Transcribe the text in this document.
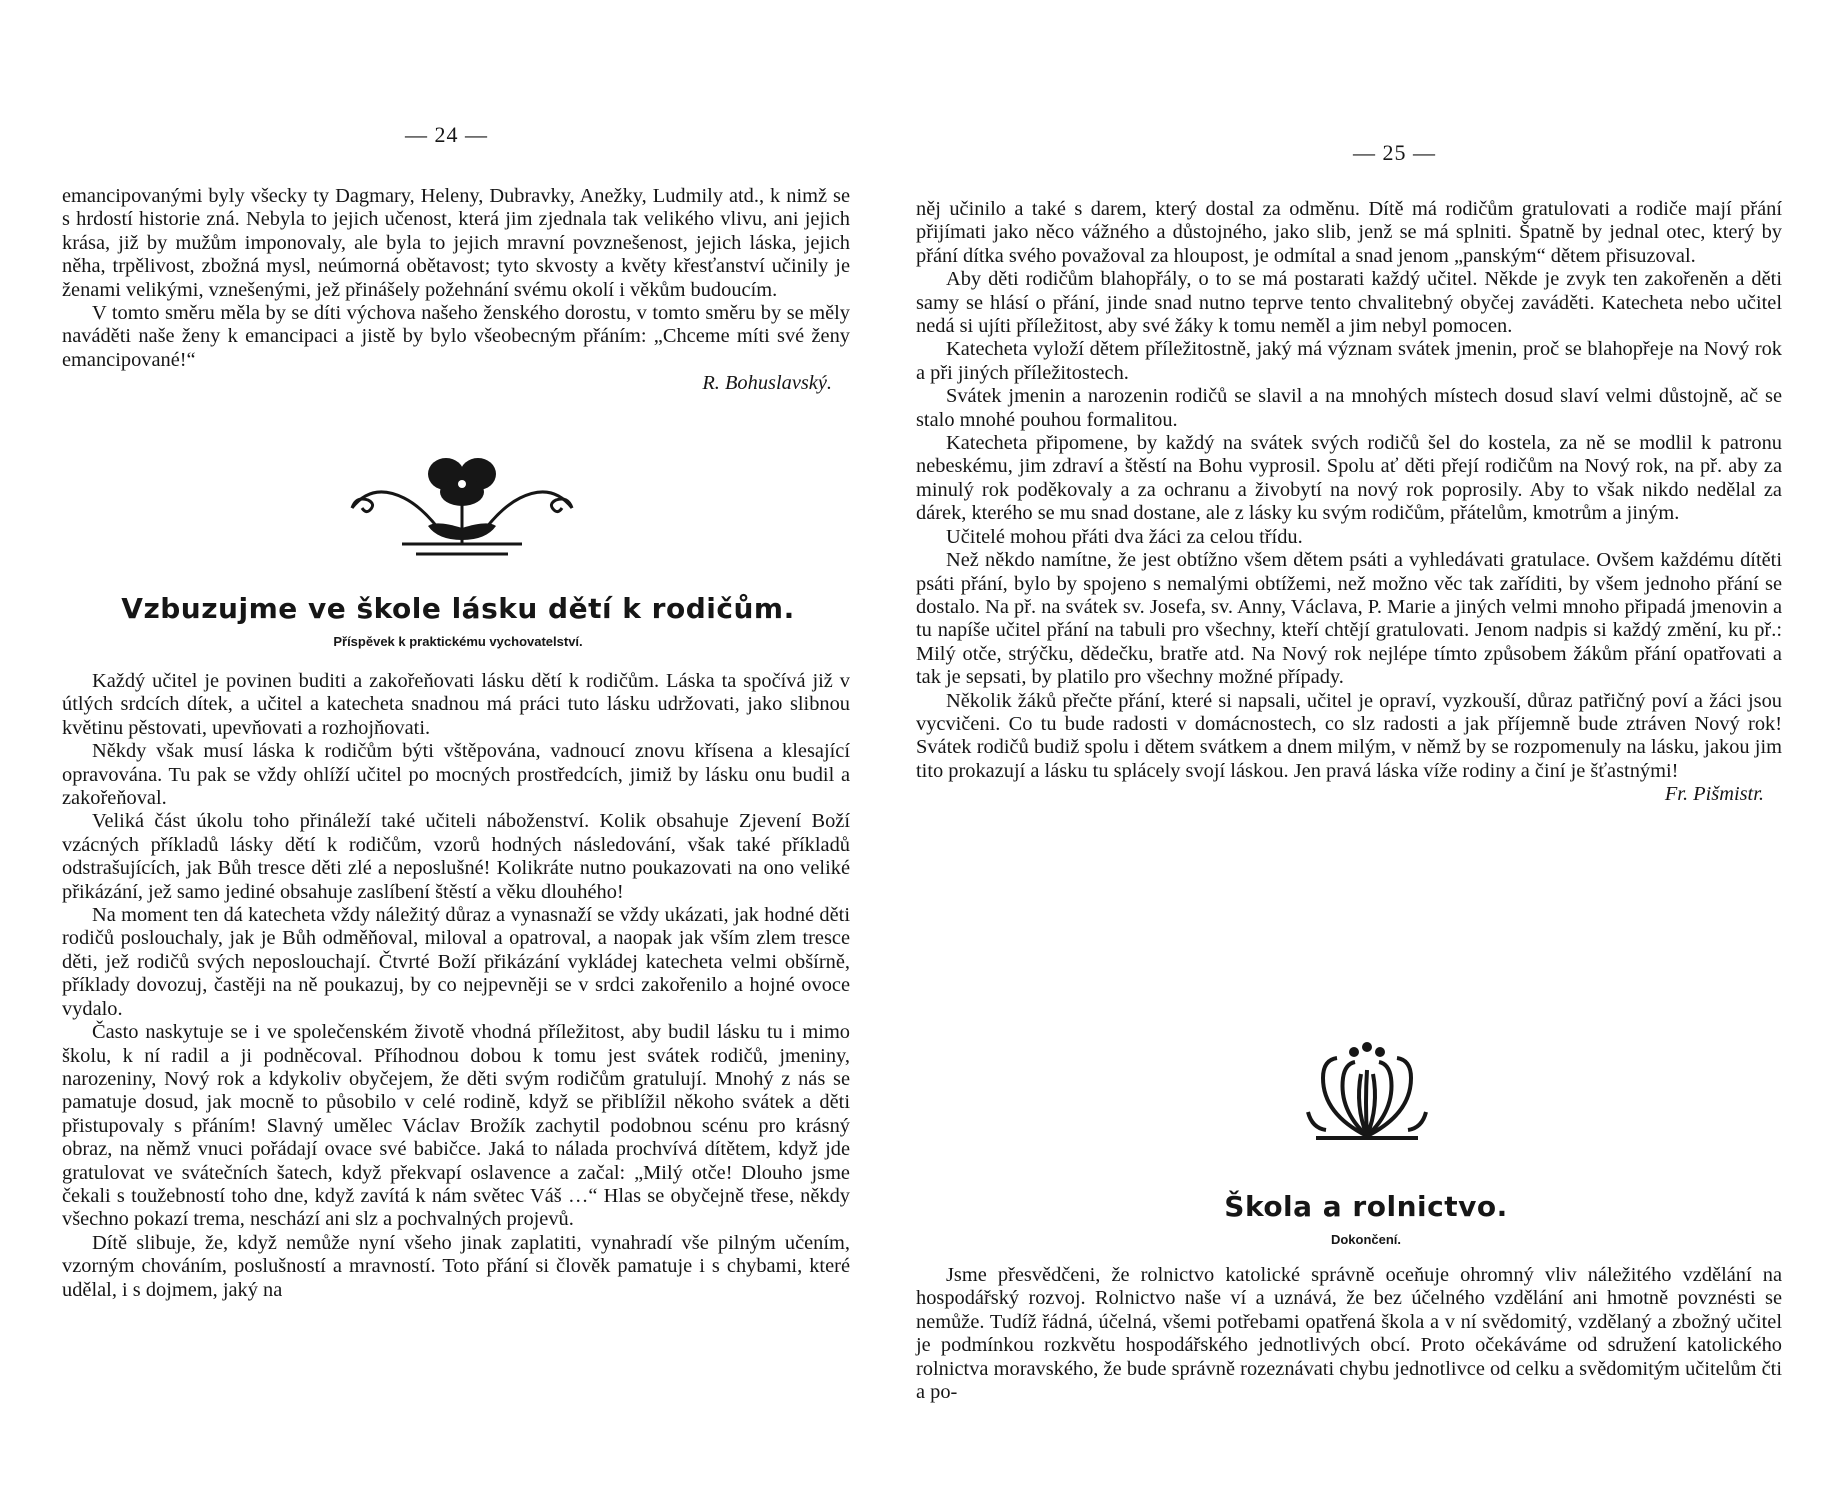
— 24 —

emancipovanými byly všecky ty Dagmary, Heleny, Dubravky, Anežky, Ludmily atd., k nimž se s hrdostí historie zná. Nebyla to jejich učenost, která jim zjednala tak velikého vlivu, ani jejich krása, již by mužům imponovaly, ale byla to jejich mravní povznešenost, jejich láska, jejich něha, trpělivost, zbožná mysl, neúmorná obětavost; tyto skvosty a květy křesťanství učinily je ženami velikými, vznešenými, jež přinášely požehnání svému okolí i věkům budoucím.

V tomto směru měla by se díti výchova našeho ženského dorostu, v tomto směru by se měly naváděti naše ženy k emancipaci a jistě by bylo všeobecným přáním: „Chceme míti své ženy emancipované!“

R. Bohuslavský.

Vzbuzujme ve škole lásku dětí k rodičům.
Příspěvek k praktickému vychovatelství.

Každý učitel je povinen buditi a zakořeňovati lásku dětí k rodičům. Láska ta spočívá již v útlých srdcích dítek, a učitel a katecheta snadnou má práci tuto lásku udržovati, jako slibnou květinu pěstovati, upevňovati a rozhojňovati.

Někdy však musí láska k rodičům býti vštěpována, vadnoucí znovu křísena a klesající opravována. Tu pak se vždy ohlíží učitel po mocných prostředcích, jimiž by lásku onu budil a zakořeňoval.

Veliká část úkolu toho přináleží také učiteli náboženství. Kolik obsahuje Zjevení Boží vzácných příkladů lásky dětí k rodičům, vzorů hodných následování, však také příkladů odstrašujících, jak Bůh tresce děti zlé a neposlušné! Kolikráte nutno poukazovati na ono veliké přikázání, jež samo jediné obsahuje zaslíbení štěstí a věku dlouhého!

Na moment ten dá katecheta vždy náležitý důraz a vynasnaží se vždy ukázati, jak hodné děti rodičů poslouchaly, jak je Bůh odměňoval, miloval a opatroval, a naopak jak vším zlem tresce děti, jež rodičů svých neposlouchají. Čtvrté Boží přikázání vykládej katecheta velmi obšírně, příklady dovozuj, častěji na ně poukazuj, by co nejpevněji se v srdci zakořenilo a hojné ovoce vydalo.

Často naskytuje se i ve společenském životě vhodná příležitost, aby budil lásku tu i mimo školu, k ní radil a ji podněcoval. Příhodnou dobou k tomu jest svátek rodičů, jmeniny, narozeniny, Nový rok a kdykoliv obyčejem, že děti svým rodičům gratulují. Mnohý z nás se pamatuje dosud, jak mocně to působilo v celé rodině, když se přiblížil někoho svátek a děti přistupovaly s přáním! Slavný umělec Václav Brožík zachytil podobnou scénu pro krásný obraz, na němž vnuci pořádají ovace své babičce. Jaká to nálada prochvívá dítětem, když jde gratulovat ve svátečních šatech, když překvapí oslavence a začal: „Milý otče! Dlouho jsme čekali s toužebností toho dne, když zavítá k nám světec Váš …“ Hlas se obyčejně třese, někdy všechno pokazí trema, neschází ani slz a pochvalných projevů.

Dítě slibuje, že, když nemůže nyní všeho jinak zaplatiti, vynahradí vše pilným učením, vzorným chováním, poslušností a mravností. Toto přání si člověk pamatuje i s chybami, které udělal, i s dojmem, jaký na

— 25 —

něj učinilo a také s darem, který dostal za odměnu. Dítě má rodičům gratulovati a rodiče mají přání přijímati jako něco vážného a důstojného, jako slib, jenž se má splniti. Špatně by jednal otec, který by přání dítka svého považoval za hloupost, je odmítal a snad jenom „panským“ dětem přisuzoval.

Aby děti rodičům blahopřály, o to se má postarati každý učitel. Někde je zvyk ten zakořeněn a děti samy se hlásí o přání, jinde snad nutno teprve tento chvalitebný obyčej zaváděti. Katecheta nebo učitel nedá si ujíti příležitost, aby své žáky k tomu neměl a jim nebyl pomocen.

Katecheta vyloží dětem příležitostně, jaký má význam svátek jmenin, proč se blahopřeje na Nový rok a při jiných příležitostech.

Svátek jmenin a narozenin rodičů se slavil a na mnohých místech dosud slaví velmi důstojně, ač se stalo mnohé pouhou formalitou.

Katecheta připomene, by každý na svátek svých rodičů šel do kostela, za ně se modlil k patronu nebeskému, jim zdraví a štěstí na Bohu vyprosil. Spolu ať děti přejí rodičům na Nový rok, na př. aby za minulý rok poděkovaly a za ochranu a živobytí na nový rok poprosily. Aby to však nikdo nedělal za dárek, kterého se mu snad dostane, ale z lásky ku svým rodičům, přátelům, kmotrům a jiným.

Učitelé mohou přáti dva žáci za celou třídu.

Než někdo namítne, že jest obtížno všem dětem psáti a vyhledávati gratulace. Ovšem každému dítěti psáti přání, bylo by spojeno s nemalými obtížemi, než možno věc tak zaříditi, by všem jednoho přání se dostalo. Na př. na svátek sv. Josefa, sv. Anny, Václava, P. Marie a jiných velmi mnoho připadá jmenovin a tu napíše učitel přání na tabuli pro všechny, kteří chtějí gratulovati. Jenom nadpis si každý změní, ku př.: Milý otče, strýčku, dědečku, bratře atd. Na Nový rok nejlépe tímto způsobem žákům přání opatřovati a tak je sepsati, by platilo pro všechny možné případy.

Několik žáků přečte přání, které si napsali, učitel je opraví, vyzkouší, důraz patřičný poví a žáci jsou vycvičeni. Co tu bude radosti v domácnostech, co slz radosti a jak příjemně bude ztráven Nový rok! Svátek rodičů budiž spolu i dětem svátkem a dnem milým, v němž by se rozpomenuly na lásku, jakou jim tito prokazují a lásku tu splácely svojí láskou. Jen pravá láska víže rodiny a činí je šťastnými!

Fr. Pišmistr.

Škola a rolnictvo.
Dokončení.

Jsme přesvědčeni, že rolnictvo katolické správně oceňuje ohromný vliv náležitého vzdělání na hospodářský rozvoj. Rolnictvo naše ví a uznává, že bez účelného vzdělání ani hmotně povznésti se nemůže. Tudíž řádná, účelná, všemi potřebami opatřená škola a v ní svědomitý, vzdělaný a zbožný učitel je podmínkou rozkvětu hospodářského jednotlivých obcí. Proto očekáváme od sdružení katolického rolnictva moravského, že bude správně rozeznávati chybu jednotlivce od celku a svědomitým učitelům čti a po-
